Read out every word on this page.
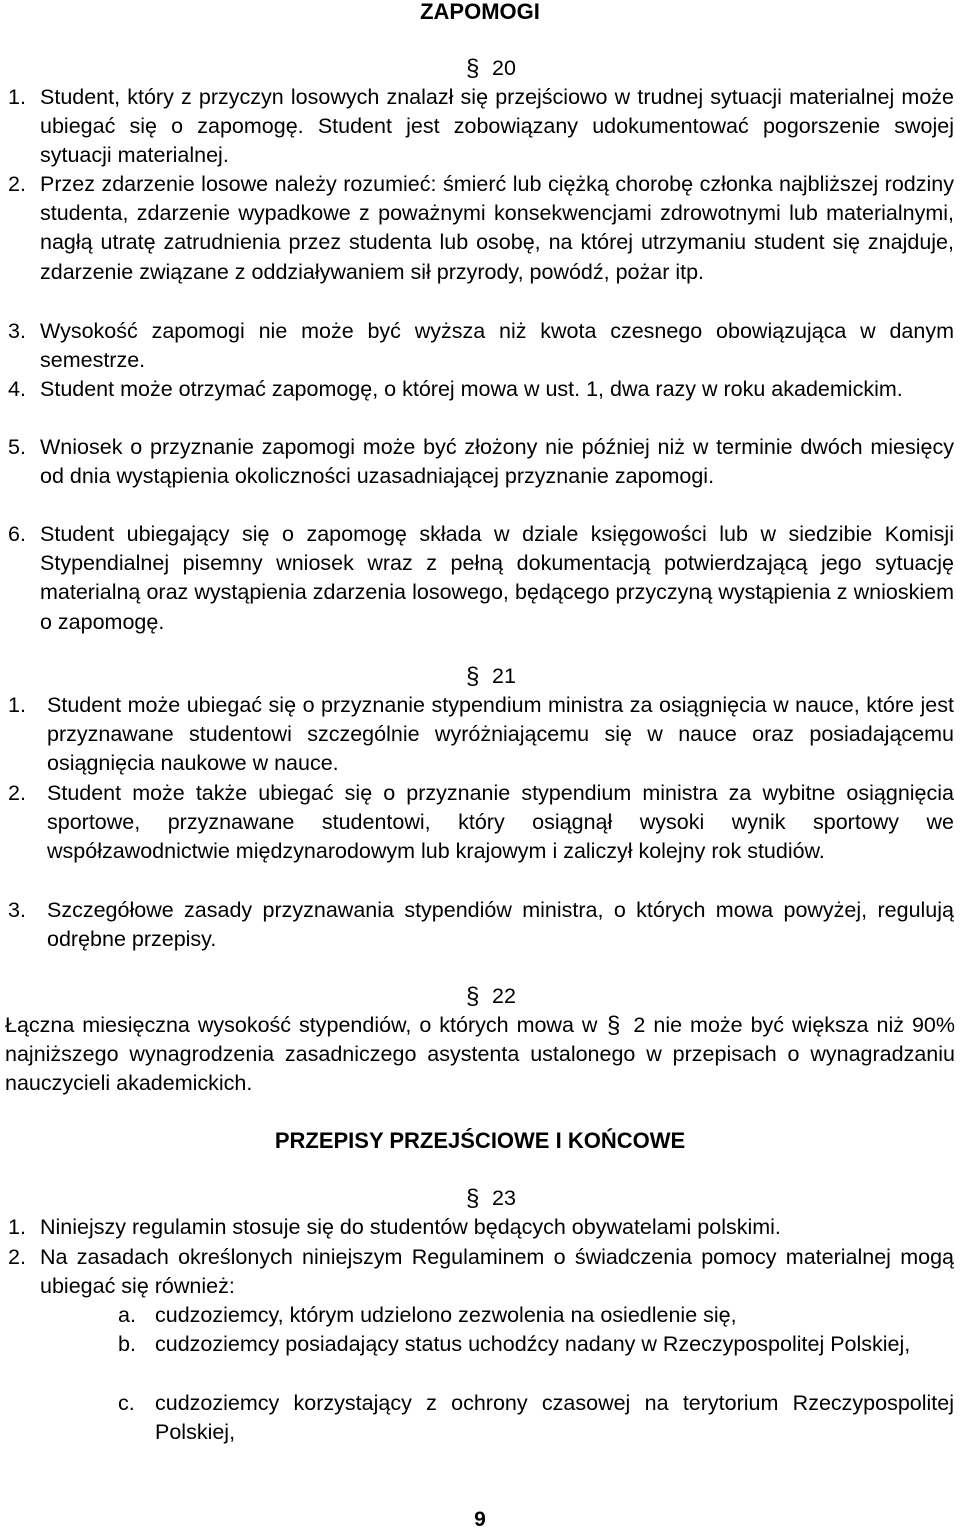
ZAPOMOGI
§ 20
1. Student, który z przyczyn losowych znalazł się przejściowo w trudnej sytuacji materialnej może ubiegać się o zapomogę. Student jest zobowiązany udokumentować pogorszenie swojej sytuacji materialnej.
2. Przez zdarzenie losowe należy rozumieć: śmierć lub ciężką chorobę członka najbliższej rodziny studenta, zdarzenie wypadkowe z poważnymi konsekwencjami zdrowotnymi lub materialnymi, nagłą utratę zatrudnienia przez studenta lub osobę, na której utrzymaniu student się znajduje, zdarzenie związane z oddziaływaniem sił przyrody, powódź, pożar itp.
3. Wysokość zapomogi nie może być wyższa niż kwota czesnego obowiązująca w danym semestrze.
4. Student może otrzymać zapomogę, o której mowa w ust. 1, dwa razy w roku akademickim.
5. Wniosek o przyznanie zapomogi może być złożony nie później niż w terminie dwóch miesięcy od dnia wystąpienia okoliczności uzasadniającej przyznanie zapomogi.
6. Student ubiegający się o zapomogę składa w dziale księgowości lub w siedzibie Komisji Stypendialnej pisemny wniosek wraz z pełną dokumentacją potwierdzającą jego sytuację materialną oraz wystąpienia zdarzenia losowego, będącego przyczyną wystąpienia z wnioskiem o zapomogę.
§ 21
1. Student może ubiegać się o przyznanie stypendium ministra za osiągnięcia w nauce, które jest przyznawane studentowi szczególnie wyróżniającemu się w nauce oraz posiadającemu osiągnięcia naukowe w nauce.
2. Student może także ubiegać się o przyznanie stypendium ministra za wybitne osiągnięcia sportowe, przyznawane studentowi, który osiągnął wysoki wynik sportowy we współzawodnictwie międzynarodowym lub krajowym i zaliczył kolejny rok studiów.
3. Szczegółowe zasady przyznawania stypendiów ministra, o których mowa powyżej, regulują odrębne przepisy.
§ 22
Łączna miesięczna wysokość stypendiów, o których mowa w § 2 nie może być większa niż 90% najniższego wynagrodzenia zasadniczego asystenta ustalonego w przepisach o wynagradzaniu nauczycieli akademickich.
PRZEPISY PRZEJŚCIOWE I KOŃCOWE
§ 23
1. Niniejszy regulamin stosuje się do studentów będących obywatelami polskimi.
2. Na zasadach określonych niniejszym Regulaminem o świadczenia pomocy materialnej mogą ubiegać się również:
a. cudzoziemcy, którym udzielono zezwolenia na osiedlenie się,
b. cudzoziemcy posiadający status uchodźcy nadany w Rzeczypospolitej Polskiej,
c. cudzoziemcy korzystający z ochrony czasowej na terytorium Rzeczypospolitej Polskiej,
9
